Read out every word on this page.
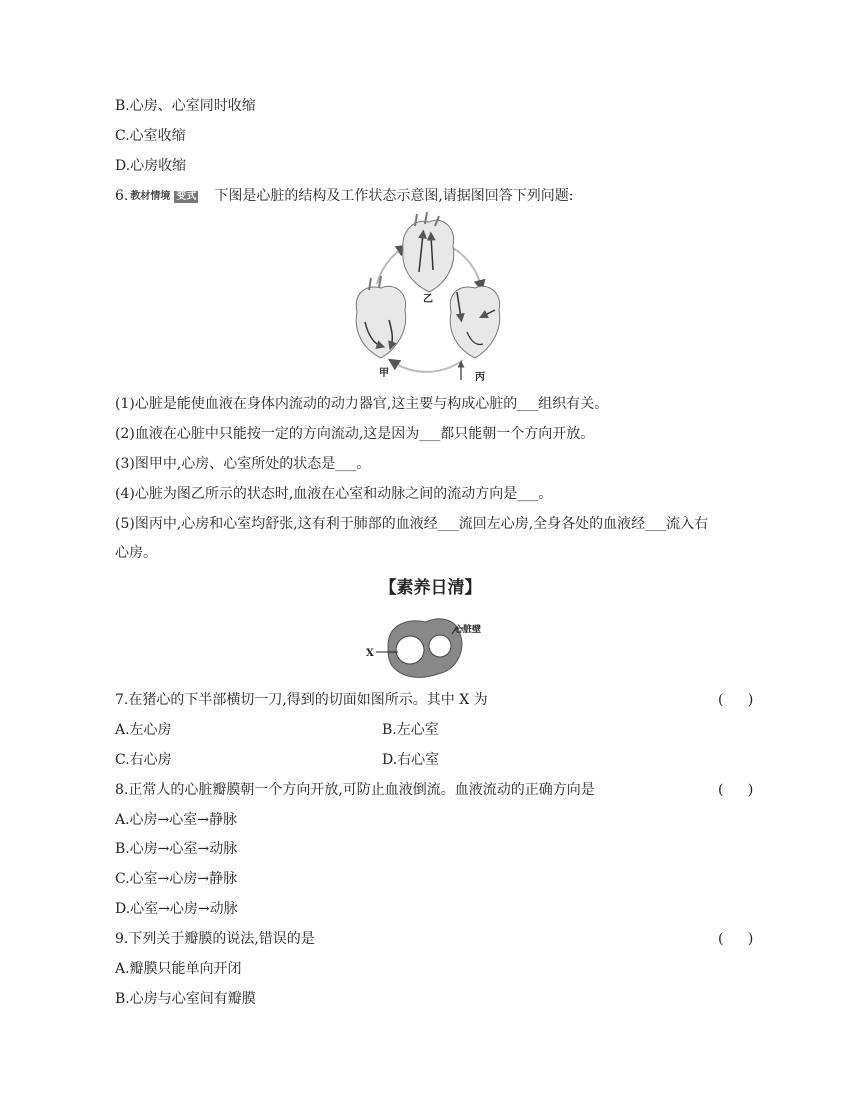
B.心房、心室同时收缩
C.心室收缩
D.心房收缩
6. 教材情境 变式 下图是心脏的结构及工作状态示意图,请据图回答下列问题:
乙
甲	丙
(1)心脏是能使血液在身体内流动的动力器官,这主要与构成心脏的___组织有关。
(2)血液在心脏中只能按一定的方向流动,这是因为___都只能朝一个方向开放。
(3)图甲中,心房、心室所处的状态是___。
(4)心脏为图乙所示的状态时,血液在心室和动脉之间的流动方向是___。
(5)图丙中,心房和心室均舒张,这有利于肺部的血液经___流回左心房,全身各处的血液经___流入右
心房。
【素养日清】
X
心脏壁
7.在猪心的下半部横切一刀,得到的切面如图所示。其中 X 为	( )
A.左心房	B.左心室
C.右心房	D.右心室
8.正常人的心脏瓣膜朝一个方向开放,可防止血液倒流。血液流动的正确方向是	( )
A.心房→心室→静脉
B.心房→心室→动脉
C.心室→心房→静脉
D.心室→心房→动脉
9.下列关于瓣膜的说法,错误的是	( )
A.瓣膜只能单向开闭
B.心房与心室间有瓣膜
